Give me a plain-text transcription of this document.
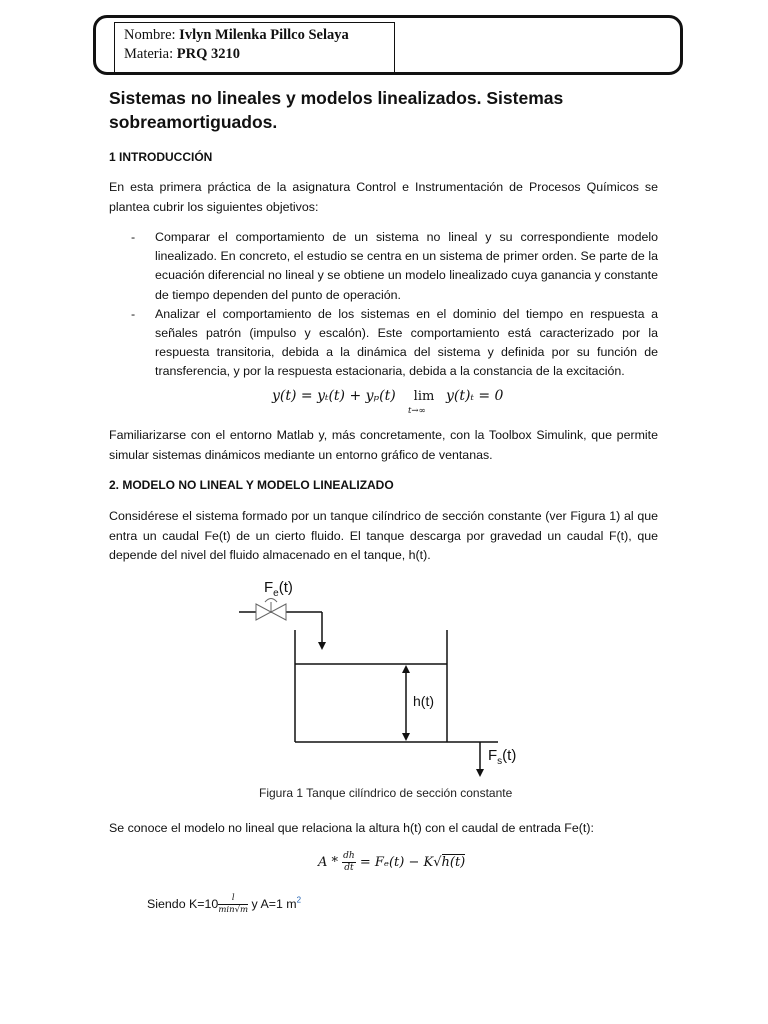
Nombre: Ivlyn Milenka Pillco Selaya
Materia: PRQ 3210
Sistemas no lineales y modelos linealizados. Sistemas sobreamortiguados.

1 INTRODUCCIÓN

En esta primera práctica de la asignatura Control e Instrumentación de Procesos Químicos se plantea cubrir los siguientes objetivos:

- Comparar el comportamiento de un sistema no lineal y su correspondiente modelo linealizado. En concreto, el estudio se centra en un sistema de primer orden. Se parte de la ecuación diferencial no lineal y se obtiene un modelo linealizado cuya ganancia y constante de tiempo dependen del punto de operación.
- Analizar el comportamiento de los sistemas en el dominio del tiempo en respuesta a señales patrón (impulso y escalón). Este comportamiento está caracterizado por la respuesta transitoria, debida a la dinámica del sistema y definida por su función de transferencia, y por la respuesta estacionaria, debida a la constancia de la excitación.
y(t) = yₜ(t) + yₚ(t) lim
t→∞
y(t)ₜ = 0

Familiarizarse con el entorno Matlab y, más concretamente, con la Toolbox Simulink, que permite simular sistemas dinámicos mediante un entorno gráfico de ventanas.

2. MODELO NO LINEAL Y MODELO LINEALIZADO

Considérese el sistema formado por un tanque cilíndrico de sección constante (ver Figura 1) al que entra un caudal Fe(t) de un cierto fluido. El tanque descarga por gravedad un caudal F(t), que depende del nivel del fluido almacenado en el tanque, h(t).

$F_e(t)$
h(t)
$F_s(t)$

Figura 1 Tanque cilíndrico de sección constante

Se conoce el modelo no lineal que relaciona la altura h(t) con el caudal de entrada Fe(t):

$A * \frac{dh}{dt} = F_e(t) - K√h(t)$
Siendo $K=10 \frac{l}{\min√m}$ y A=1 $m^2$
